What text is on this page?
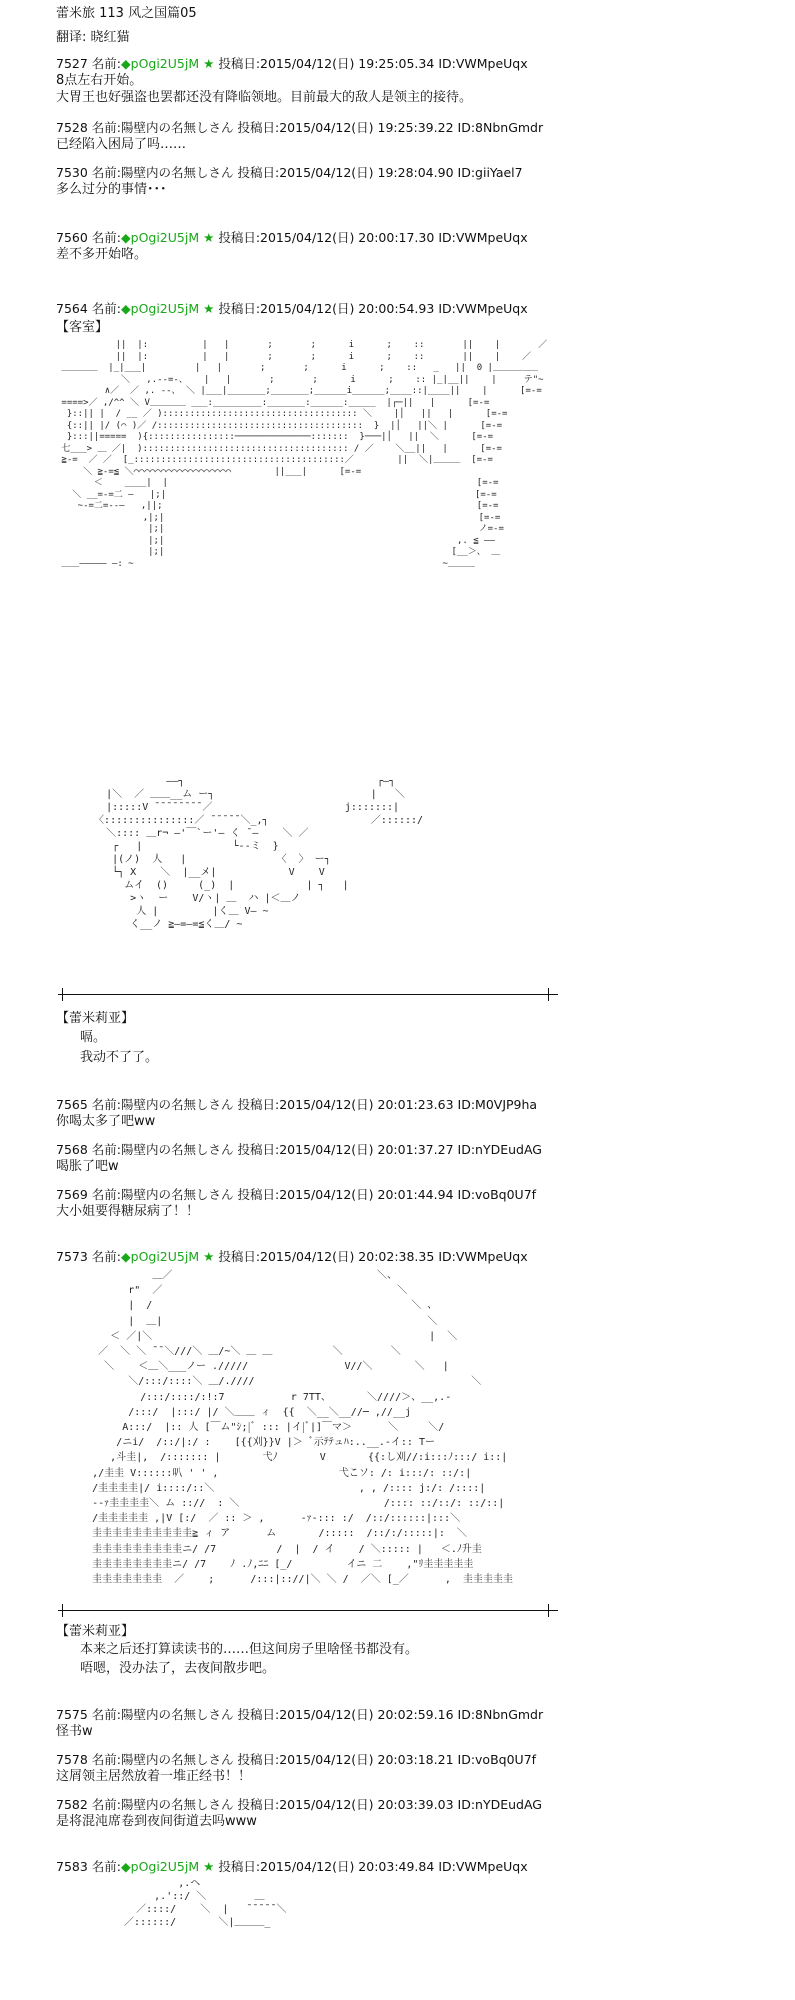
蕾米旅 113 风之国篇05
翻译: 晓红猫
7527 名前:◆pOgi2U5jM ★ 投稿日:2015/04/12(日) 19:25:05.34 ID:VWMpeUqx
8点左右开始。
大胃王也好强盗也罢都还没有降临领地。目前最大的敌人是领主的接待。
7528 名前:陽壁内の名無しさん 投稿日:2015/04/12(日) 19:25:39.22 ID:8NbnGmdr
已经陷入困局了吗……
7530 名前:陽壁内の名無しさん 投稿日:2015/04/12(日) 19:28:04.90 ID:giiYael7
多么过分的事情･･･
7560 名前:◆pOgi2U5jM ★ 投稿日:2015/04/12(日) 20:00:17.30 ID:VWMpeUqx
差不多开始咯。
7564 名前:◆pOgi2U5jM ★ 投稿日:2015/04/12(日) 20:00:54.93 ID:VWMpeUqx
【客室】
||  |:          |   |       ;       ;      i      ;    ::       ||    |       ／
||  |:          |   |       ;       ;      i      ;    ::       ||    |    ／
＿＿＿＿  |_|___|         |   |       ;       ;      i      ;    ::   _   ||  0 |＿＿＿＿＿
＼   ,.--=-、   |   |       ;       ;      i      ;    :: |_|__||    |     テ"~
∧／  ／ ,. ‐-、 ＼ |___|_______;_______;______i______;____::|____||    |      [=-=
====>／ ,/^^ ＼ V＿＿＿＿ ___:_________:_______:______:_____  |┌─||   |      [=-=
}::|| |  / __ ／ ):::::::::::::::::::::::::::::::::::: ＼    |│   ||   |      [=-=
{::|| |/ (⌒ )／ /::::::::::::::::::::::::::::::::::::::  }  |│   ||＼ |      [=-=
}:::||=====  ){::::::::::::::::──────────────:::::::  }───|│   ||  ＼      [=-=
七___> ＿ ／|  ):::::::::::::::::::::::::::::::::::::: / ／    ＼__||   |      [=-=
≧-=  ／ ／  [_:::::::::::::::::::::::::::::::::::::::／        ||  ＼|＿＿＿  [=-=
＼ ≧-=≦ ＼⌒⌒⌒⌒⌒⌒⌒⌒⌒⌒⌒⌒⌒⌒⌒⌒⌒⌒        ||___|      [=-=
＜    ____|  |                                                         [=-=
＼ __=-=二 ―   |;|                                                         [=-=
~-=二=--―   ,||;                                                          [=-=
,|;|                                                          [=-=
|;|                                                          ノ=-=
|;|                                                      ,. ≦ ――
|;|                                                     [__＞、 ＿
＿＿――――― ―: ~                                                         ~＿＿＿
――┐                                ┌―┐
|＼  ／ ＿＿__ム ー┐                          |   ＼
|:::::V ̄ ̄ ̄ ̄ ̄ ̄ ̄ ̄ ／                      j:::::::|
〈:::::::::::::::／ ̄ ̄ ̄ ̄ ̄ ＼_,┐                 ／::::::/
＼:::: ＿r¬ ―'￣`ー'― く ¯―    ＼ ／
┌   |               └--ミ  }
|(ノ)  人   |               〈  〉 ー┐
└┐ X    ＼  |__メ|            V    V
ムイ  ()     (_)  |            | ┐   |
>ヽ  ー    V/ヽ| ＿  ハ |＜＿ノ
人 |         |く＿ V― ~
く__ノ ≧―=―=≦く＿/ ~
【蕾米莉亚】
嗝。
我动不了了。
7565 名前:陽壁内の名無しさん 投稿日:2015/04/12(日) 20:01:23.63 ID:M0VJP9ha
你喝太多了吧ww
7568 名前:陽壁内の名無しさん 投稿日:2015/04/12(日) 20:01:37.27 ID:nYDEudAG
喝胀了吧w
7569 名前:陽壁内の名無しさん 投稿日:2015/04/12(日) 20:01:44.94 ID:voBq0U7f
大小姐要得糖尿病了！！
7573 名前:◆pOgi2U5jM ★ 投稿日:2015/04/12(日) 20:02:38.35 ID:VWMpeUqx
＿／                                  ＼、
r"  ／                                       ＼
|  /                                           ＼ 、
|  ＿|                                            ＼
＜ ／|＼                                              |  ＼
／  ＼ ＼ ̄ ̄ ＼///＼ ＿/~＼ ＿ ＿          ＼        ＼
＼    ＜＿＼___ノー ./////                V//＼       ＼   |
＼/:::/::::＼ ＿/.////                                    ＼
/:::/::::/:!:7           r 7TT、      ＼////＞、__,.-
/:::/  |:::/ |/ ＼＿＿ ィ  {{  ＼__＼__//─ ,//__j
A:::/  |:: 人 [￣ム"ｼ;|ﾞ ::: |イ|ﾞ|]￣マ＞      ＼     ＼/
/ニi/  /::/|:/ :    [{{刈}}V |＞ ﾞ示ﾃﾃュﾊ:..__.-イ:: Tー
,斗圭|,  /::::::: |       弋ﾉ       V       {{:し刈//:i:::ﾉ:::/ i::|
,/圭圭 V::::::叭 ' ' ,                    弋こソ: /: i:::/: ::/:|
/圭圭圭圭|/ i::::/::＼                        , , /:::: j:/: /::::|
--ｧ圭圭圭圭＼ ム :://  : ＼                        /:::: ::/::/: ::/::|
/圭圭圭圭圭 ,|V [:/  ／ :: ＞ ,      -ｧ-::: :/  /::/::::::|:::＼
圭圭圭圭圭圭圭圭圭圭≧ ィ ア      ム       /:::::  /::/:/:::::|:  ＼
圭圭圭圭圭圭圭圭圭ニ/ /7          /  |  / イ    / ＼::::: |   ＜.ﾉ升圭
圭圭圭圭圭圭圭圭ニ/ /7    ﾉ .ﾉ,ﾆﾆ [_/         イニ 二    ,"ﾘ圭圭圭圭圭
圭圭圭圭圭圭圭  ／    ;      /:::|:://|＼ ＼ /  ／＼ [_／      ,  圭圭圭圭圭
【蕾米莉亚】
本来之后还打算读读书的……但这间房子里啥怪书都没有。
唔嗯，没办法了，去夜间散步吧。
7575 名前:陽壁内の名無しさん 投稿日:2015/04/12(日) 20:02:59.16 ID:8NbnGmdr
怪书w
7578 名前:陽壁内の名無しさん 投稿日:2015/04/12(日) 20:03:18.21 ID:voBq0U7f
这屑领主居然放着一堆正经书！！
7582 名前:陽壁内の名無しさん 投稿日:2015/04/12(日) 20:03:39.03 ID:nYDEudAG
是将混沌席卷到夜间街道去吗www
7583 名前:◆pOgi2U5jM ★ 投稿日:2015/04/12(日) 20:03:49.84 ID:VWMpeUqx
,.ヘ
,.'::/ ＼        ＿
／::::/    ＼  |   ̄ ̄ ̄ ̄ ̄ ＼
／::::::/       ＼|＿＿＿_
